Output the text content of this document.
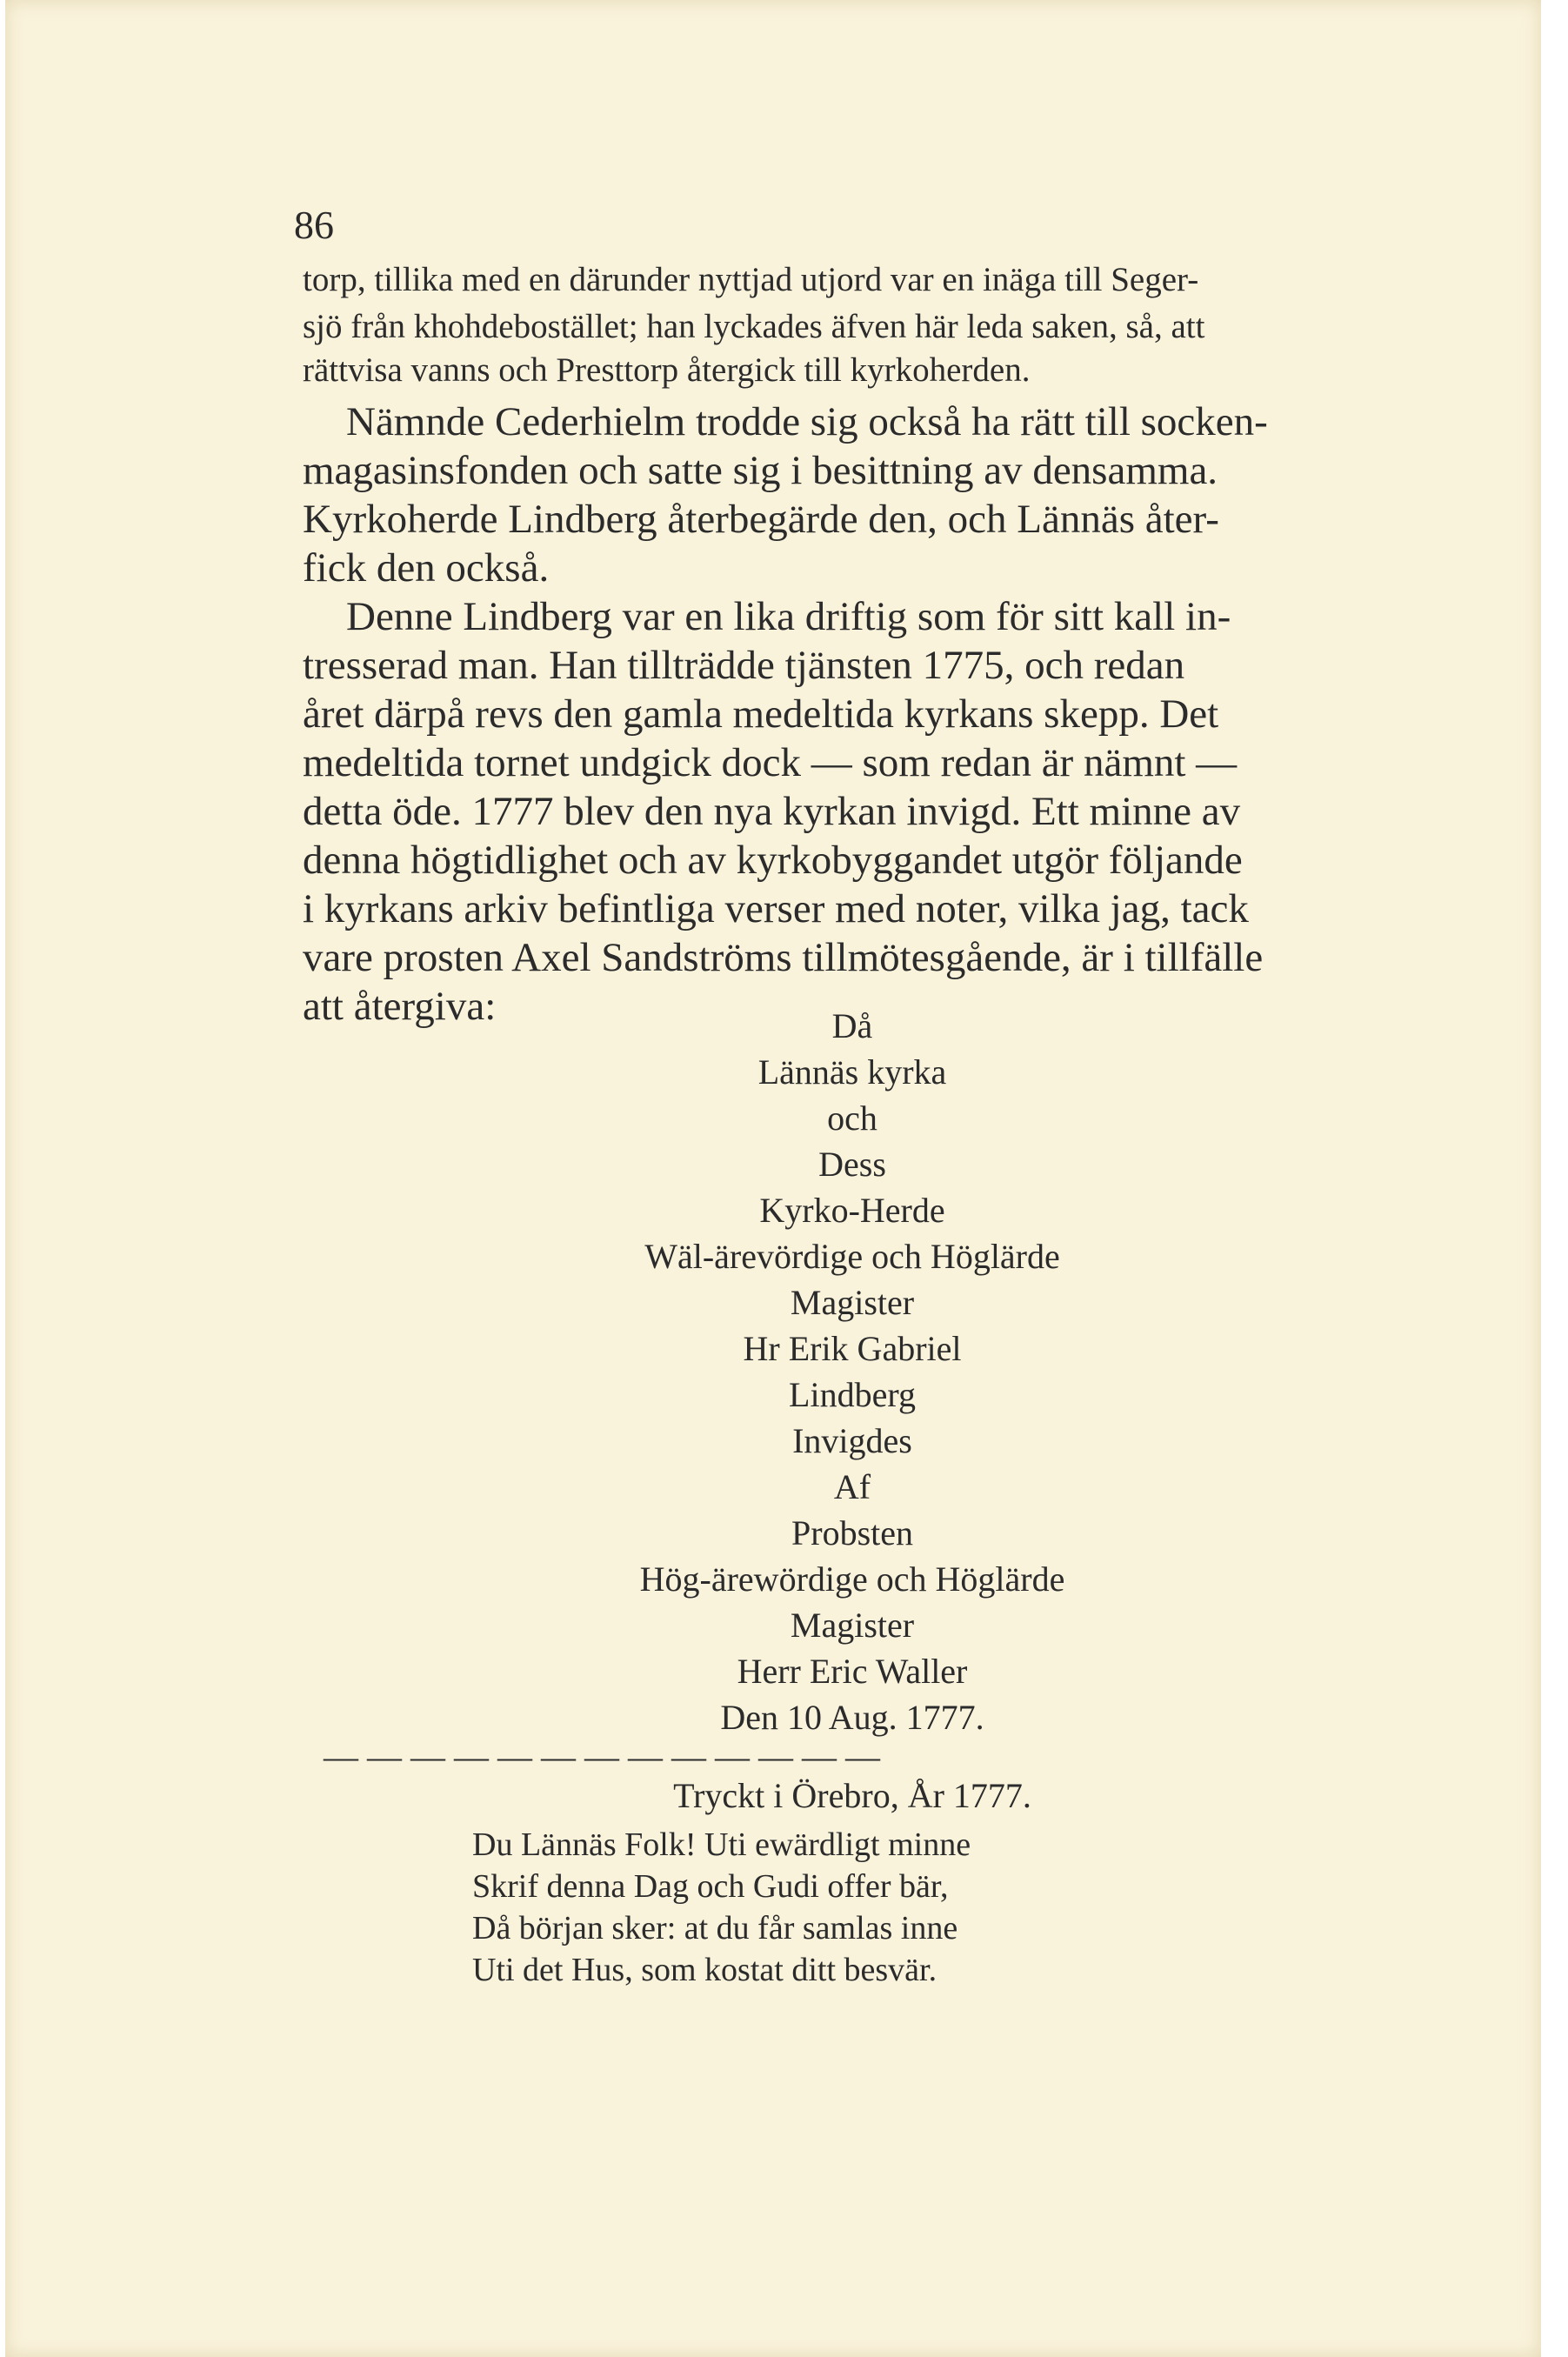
86
torp, tillika med en därunder nyttjad utjord var en inäga till Seger-
sjö från khohdebostället; han lyckades äfven här leda saken, så, att
rättvisa vanns och Presttorp återgick till kyrkoherden.
Nämnde Cederhielm trodde sig också ha rätt till socken-
magasinsfonden och satte sig i besittning av densamma.
Kyrkoherde Lindberg återbegärde den, och Lännäs åter-
fick den också.
Denne Lindberg var en lika driftig som för sitt kall in-
tresserad man. Han tillträdde tjänsten 1775, och redan
året därpå revs den gamla medeltida kyrkans skepp. Det
medeltida tornet undgick dock — som redan är nämnt —
detta öde. 1777 blev den nya kyrkan invigd. Ett minne av
denna högtidlighet och av kyrkobyggandet utgör följande
i kyrkans arkiv befintliga verser med noter, vilka jag, tack
vare prosten Axel Sandströms tillmötesgående, är i tillfälle
att återgiva:	Då
Lännäs kyrka
och
Dess
Kyrko-Herde
Wäl-ärevördige och Höglärde
Magister
Hr Erik Gabriel
Lindberg
Invigdes
Af
Probsten
Hög-ärewördige och Höglärde
Magister
Herr Eric Waller
Den 10 Aug. 1777.
— — — — — — — — — — — — —
Tryckt i Örebro, År 1777.
Du Lännäs Folk! Uti ewärdligt minne
Skrif denna Dag och Gudi offer bär,
Då början sker: at du får samlas inne
Uti det Hus, som kostat ditt besvär.
